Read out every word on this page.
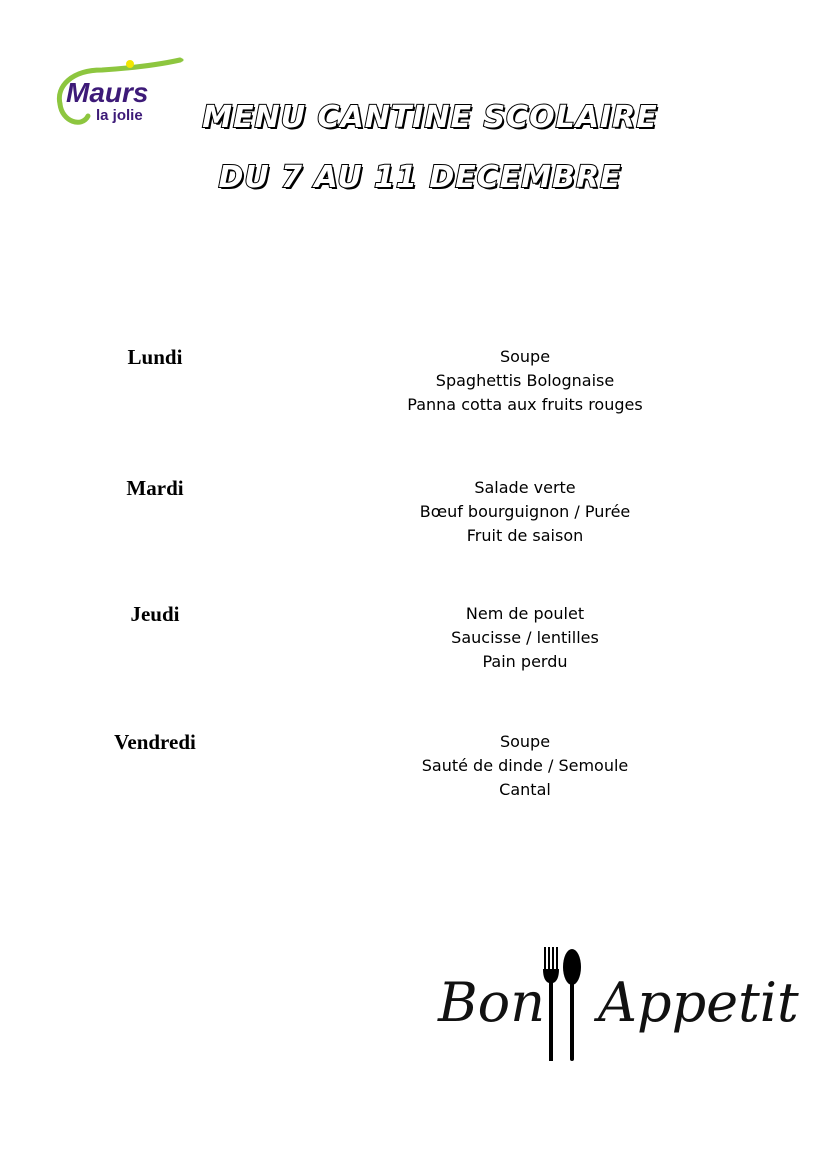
Maurs
la jolie	MENU CANTINE SCOLAIRE
DU 7 AU 11 DECEMBRE
Lundi	Soupe
Spaghettis Bolognaise
Panna cotta aux fruits rouges
Mardi	Salade verte
Bœuf bourguignon / Purée
Fruit de saison
Jeudi	Nem de poulet
Saucisse / lentilles
Pain perdu
Vendredi	Soupe
Sauté de dinde / Semoule
Cantal
Bon Appetit
